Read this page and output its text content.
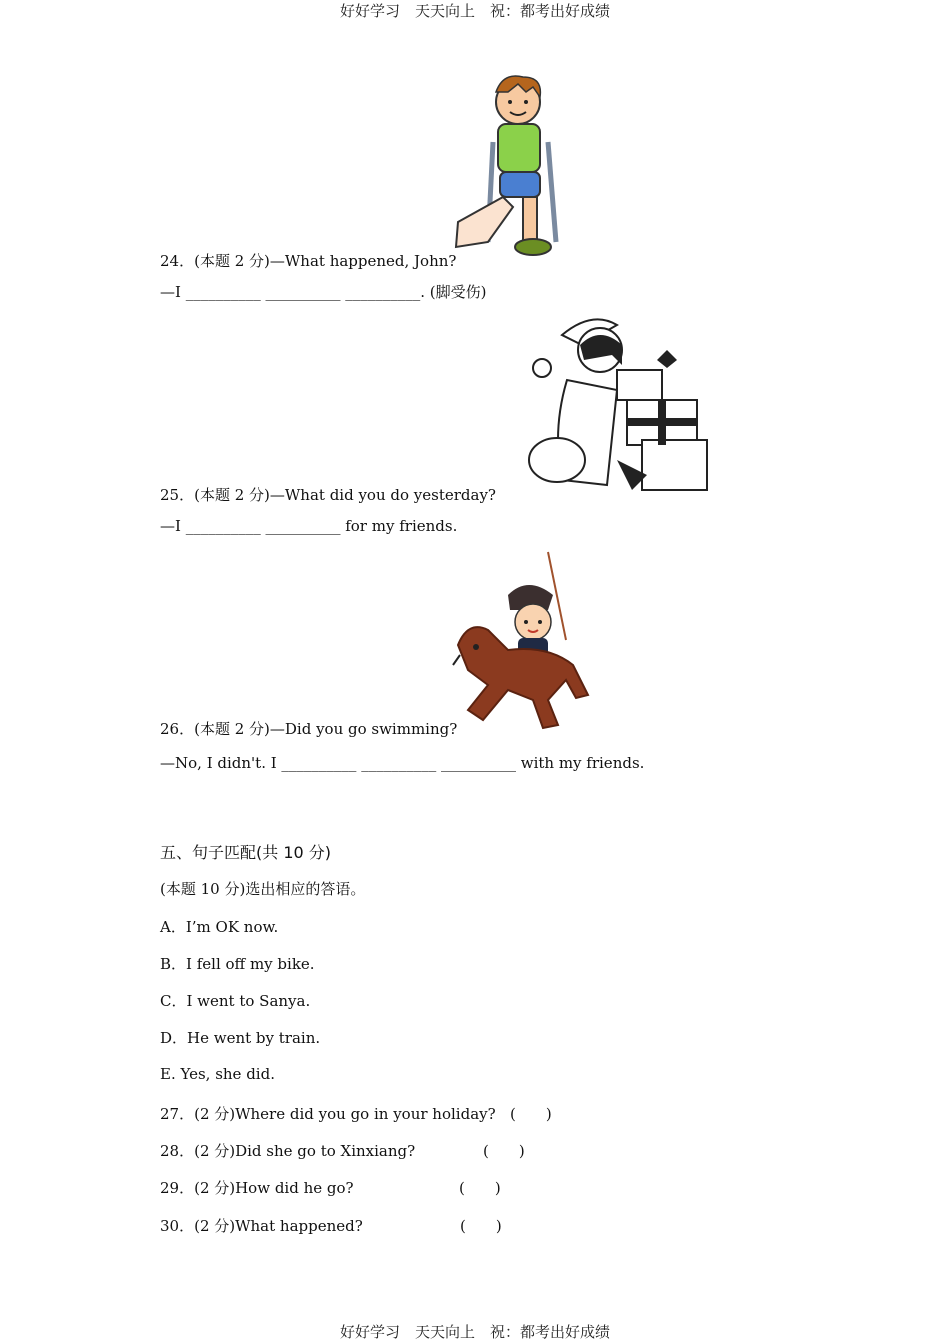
好好学习　天天向上　祝：都考出好成绩
好好学习　天天向上　祝：都考出好成绩
24．(本题 2 分)—What happened, John?
—I __________ __________ __________. (脚受伤)
25．(本题 2 分)—What did you do yesterday?
—I __________ __________ for my friends.
26．(本题 2 分)—Did you go swimming?
—No, I didn't. I __________ __________ __________ with my friends.
五、句子匹配(共 10 分)
(本题 10 分)选出相应的答语。
A．I’m OK now.
B．I fell off my bike.
C．I went to Sanya.
D．He went by train.
E. Yes, she did.
27．(2 分)Where did you go in your holiday? (　　)
28．(2 分)Did she go to Xinxiang?	(　　)
29．(2 分)How did he go?	(　　)
30．(2 分)What happened?	(　　)
